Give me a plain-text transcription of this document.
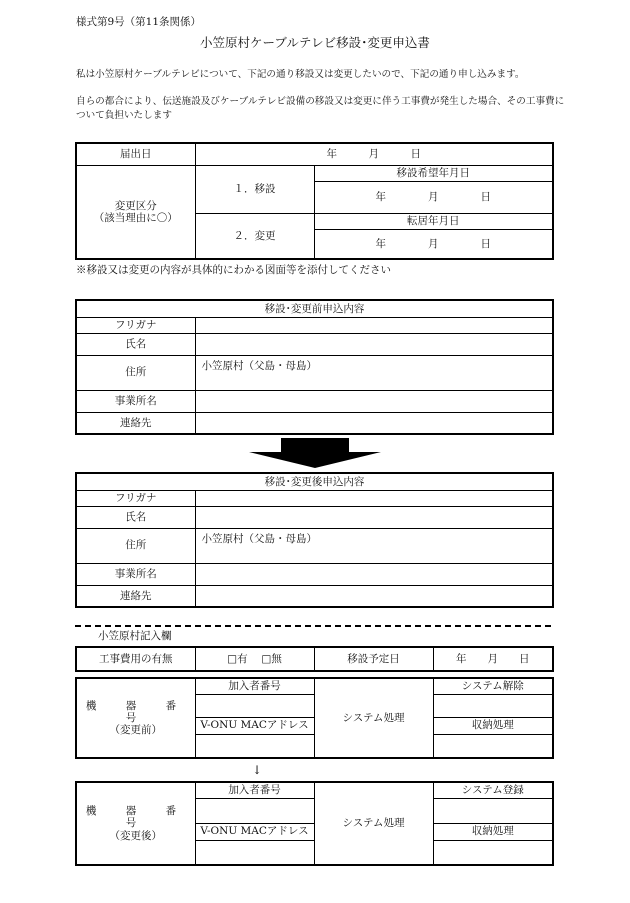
様式第9号（第11条関係）
小笠原村ケーブルテレビ移設･変更申込書
私は小笠原村ケーブルテレビについて、下記の通り移設又は変更したいので、下記の通り申し込みます。
自らの都合により、伝送施設及びケーブルテレビ設備の移設又は変更に伴う工事費が発生した場合、その工事費について負担いたします
届出日	年　　　月　　　日	
変更区分
（該当理由に〇）	１．移設	移設希望年月日
		年　　　　月　　　　日
	２．変更	転居年月日
		年　　　　月　　　　日
※移設又は変更の内容が具体的にわかる図面等を添付してください
移設･変更前申込内容	
フリガナ	
氏名	
住所	小笠原村（父島・母島）
事業所名	
連絡先	
移設･変更後申込内容	
フリガナ	
氏名	
住所	小笠原村（父島・母島）
事業所名	
連絡先	
小笠原村記入欄
工事費用の有無	□有　 □無	移設予定日	年　　月　　日
機　器　番　号
（変更前）	加入者番号	システム処理	システム解除

	V-ONU MACアドレス		収納処理

↓
機　器　番　号
（変更後）	加入者番号	システム処理	システム登録

	V-ONU MACアドレス		収納処理
